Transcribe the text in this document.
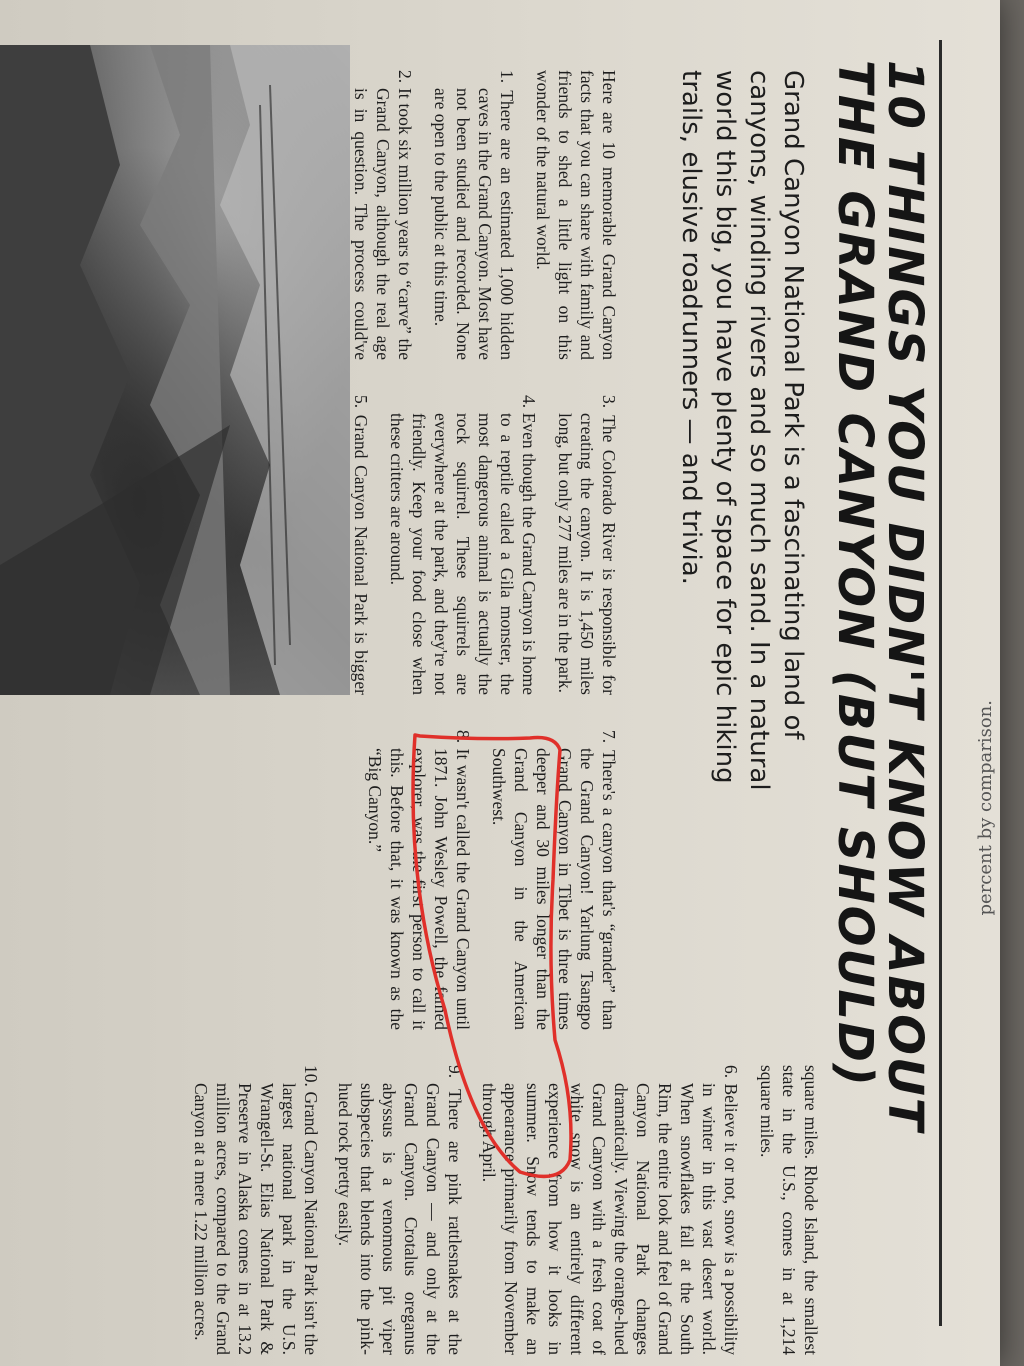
percent by comparison.
10 THINGS YOU DIDN'T KNOW ABOUT
THE GRAND CANYON (BUT SHOULD)

Grand Canyon National Park is a fascinating land of canyons, winding rivers and so much sand. In a natural world this big, you have plenty of space for epic hiking trails, elusive roadrunners — and trivia.

Here are 10 memorable Grand Canyon facts that you can share with family and friends to shed a little light on this wonder of the natural world.

1. There are an estimated 1,000 hidden caves in the Grand Canyon. Most have not been studied and recorded. None are open to the public at this time.

2. It took six million years to “carve” the Grand Canyon, although the real age is in question. The process could've

3. The Colorado River is responsible for creating the canyon. It is 1,450 miles long, but only 277 miles are in the park.

4. Even though the Grand Canyon is home to a reptile called a Gila monster, the most dangerous animal is actually the rock squirrel. These squirrels are everywhere at the park, and they're not friendly. Keep your food close when these critters are around.

5. Grand Canyon National Park is bigger

7. There's a canyon that's “grander” than the Grand Canyon! Yarlung Tsangpo Grand Canyon in Tibet is three times deeper and 30 miles longer than the Grand Canyon in the American Southwest.

8. It wasn't called the Grand Canyon until 1871. John Wesley Powell, the famed explorer, was the first person to call it this. Before that, it was known as the “Big Canyon.”

square miles. Rhode Island, the smallest state in the U.S., comes in at 1,214 square miles.

6. Believe it or not, snow is a possibility in winter in this vast desert world. When snowflakes fall at the South Rim, the entire look and feel of Grand Canyon National Park changes dramatically. Viewing the orange-hued Grand Canyon with a fresh coat of white snow is an entirely different experience from how it looks in summer. Snow tends to make an appearance primarily from November through April.

9. There are pink rattlesnakes at the Grand Canyon — and only at the Grand Canyon. Crotalus oreganus abyssus is a venomous pit viper subspecies that blends into the pink-hued rock pretty easily.

10. Grand Canyon National Park isn't the largest national park in the U.S. Wrangell-St. Elias National Park & Preserve in Alaska comes in at 13.2 million acres, compared to the Grand Canyon at a mere 1.22 million acres.
